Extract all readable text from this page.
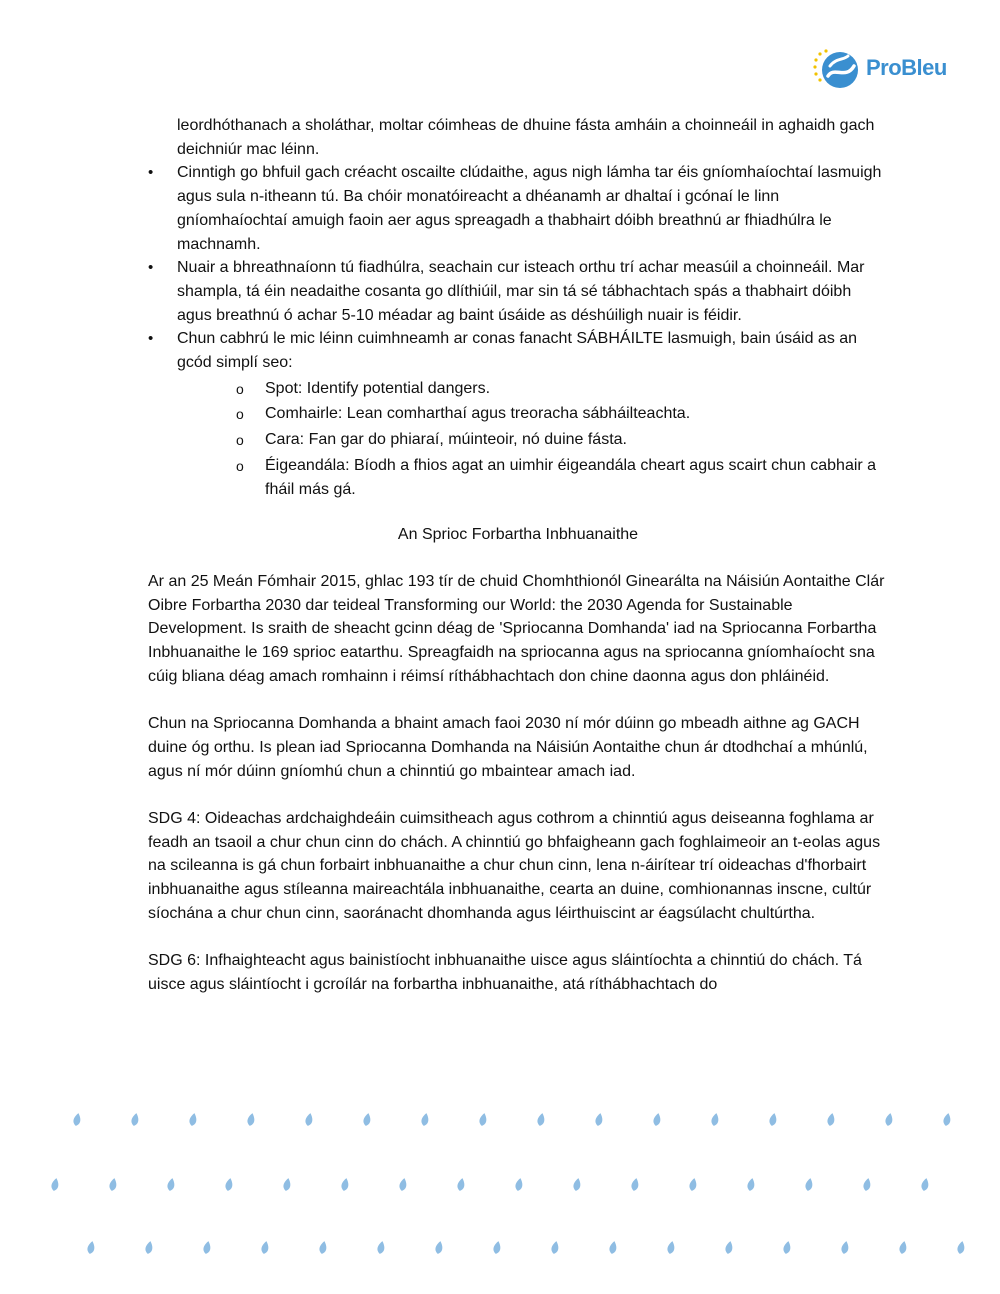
ProBleu

leordhóthanach a sholáthar, moltar cóimheas de dhuine fásta amháin a choinneáil in aghaidh gach deichniúr mac léinn.

• Cinntigh go bhfuil gach créacht oscailte clúdaithe, agus nigh lámha tar éis gníomhaíochtaí lasmuigh agus sula n-itheann tú. Ba chóir monatóireacht a dhéanamh ar dhaltaí i gcónaí le linn gníomhaíochtaí amuigh faoin aer agus spreagadh a thabhairt dóibh breathnú ar fhiadhúlra le machnamh.
• Nuair a bhreathnaíonn tú fiadhúlra, seachain cur isteach orthu trí achar measúil a choinneáil. Mar shampla, tá éin neadaithe cosanta go dlíthiúil, mar sin tá sé tábhachtach spás a thabhairt dóibh agus breathnú ó achar 5-10 méadar ag baint úsáide as déshúiligh nuair is féidir.
• Chun cabhrú le mic léinn cuimhneamh ar conas fanacht SÁBHÁILTE lasmuigh, bain úsáid as an gcód simplí seo:
o Spot: Identify potential dangers.
o Comhairle: Lean comharthaí agus treoracha sábháilteachta.
o Cara: Fan gar do phiaraí, múinteoir, nó duine fásta.
o Éigeandála: Bíodh a fhios agat an uimhir éigeandála cheart agus scairt chun cabhair a fháil más gá.

An Sprioc Forbartha Inbhuanaithe

Ar an 25 Meán Fómhair 2015, ghlac 193 tír de chuid Chomhthionól Ginearálta na Náisiún Aontaithe Clár Oibre Forbartha 2030 dar teideal Transforming our World: the 2030 Agenda for Sustainable Development. Is sraith de sheacht gcinn déag de 'Spriocanna Domhanda' iad na Spriocanna Forbartha Inbhuanaithe le 169 sprioc eatarthu. Spreagfaidh na spriocanna agus na spriocanna gníomhaíocht sna cúig bliana déag amach romhainn i réimsí ríthábhachtach don chine daonna agus don phláinéid.

Chun na Spriocanna Domhanda a bhaint amach faoi 2030 ní mór dúinn go mbeadh aithne ag GACH duine óg orthu. Is plean iad Spriocanna Domhanda na Náisiún Aontaithe chun ár dtodhchaí a mhúnlú, agus ní mór dúinn gníomhú chun a chinntiú go mbaintear amach iad.

SDG 4: Oideachas ardchaighdeáin cuimsitheach agus cothrom a chinntiú agus deiseanna foghlama ar feadh an tsaoil a chur chun cinn do chách. A chinntiú go bhfaigheann gach foghlaimeoir an t-eolas agus na scileanna is gá chun forbairt inbhuanaithe a chur chun cinn, lena n-áirítear trí oideachas d'fhorbairt inbhuanaithe agus stíleanna maireachtála inbhuanaithe, cearta an duine, comhionannas inscne, cultúr síochána a chur chun cinn, saoránacht dhomhanda agus léirthuiscint ar éagsúlacht chultúrtha.

SDG 6: Infhaighteacht agus bainistíocht inbhuanaithe uisce agus sláintíochta a chinntiú do chách. Tá uisce agus sláintíocht i gcroílár na forbartha inbhuanaithe, atá ríthábhachtach do
